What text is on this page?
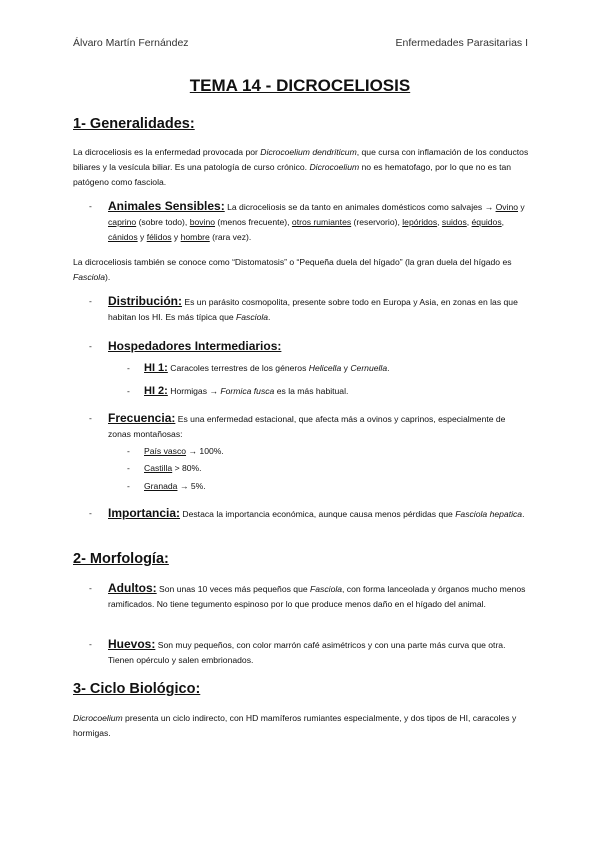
Álvaro Martín Fernández	Enfermedades Parasitarias I
TEMA 14 - DICROCELIOSIS
1- Generalidades:
La dicroceliosis es la enfermedad provocada por Dicrocoelium dendriticum, que cursa con inflamación de los conductos biliares y la vesícula biliar. Es una patología de curso crónico. Dicrocoelium no es hematofago, por lo que no es tan patógeno como fasciola.
- Animales Sensibles: La dicroceliosis se da tanto en animales domésticos como salvajes → Ovino y caprino (sobre todo), bovino (menos frecuente), otros rumiantes (reservorio), lepóridos, suidos, équidos, cánidos y félidos y hombre (rara vez).
La dicroceliosis también se conoce como “Distomatosis” o “Pequeña duela del hígado” (la gran duela del hígado es Fasciola).
- Distribución: Es un parásito cosmopolita, presente sobre todo en Europa y Asia, en zonas en las que habitan los HI. Es más típica que Fasciola.
- Hospedadores Intermediarios:
- HI 1: Caracoles terrestres de los géneros Helicella y Cernuella.
- HI 2: Hormigas → Formica fusca es la más habitual.
- Frecuencia: Es una enfermedad estacional, que afecta más a ovinos y caprinos, especialmente de zonas montañosas:
- País vasco → 100%.
- Castilla > 80%.
- Granada → 5%.
- Importancia: Destaca la importancia económica, aunque causa menos pérdidas que Fasciola hepatica.
2- Morfología:
- Adultos: Son unas 10 veces más pequeños que Fasciola, con forma lanceolada y órganos mucho menos ramificados. No tiene tegumento espinoso por lo que produce menos daño en el hígado del animal.
- Huevos: Son muy pequeños, con color marrón café asimétricos y con una parte más curva que otra. Tienen opérculo y salen embrionados.
3- Ciclo Biológico:
Dicrocoelium presenta un ciclo indirecto, con HD mamíferos rumiantes especialmente, y dos tipos de HI, caracoles y hormigas.
